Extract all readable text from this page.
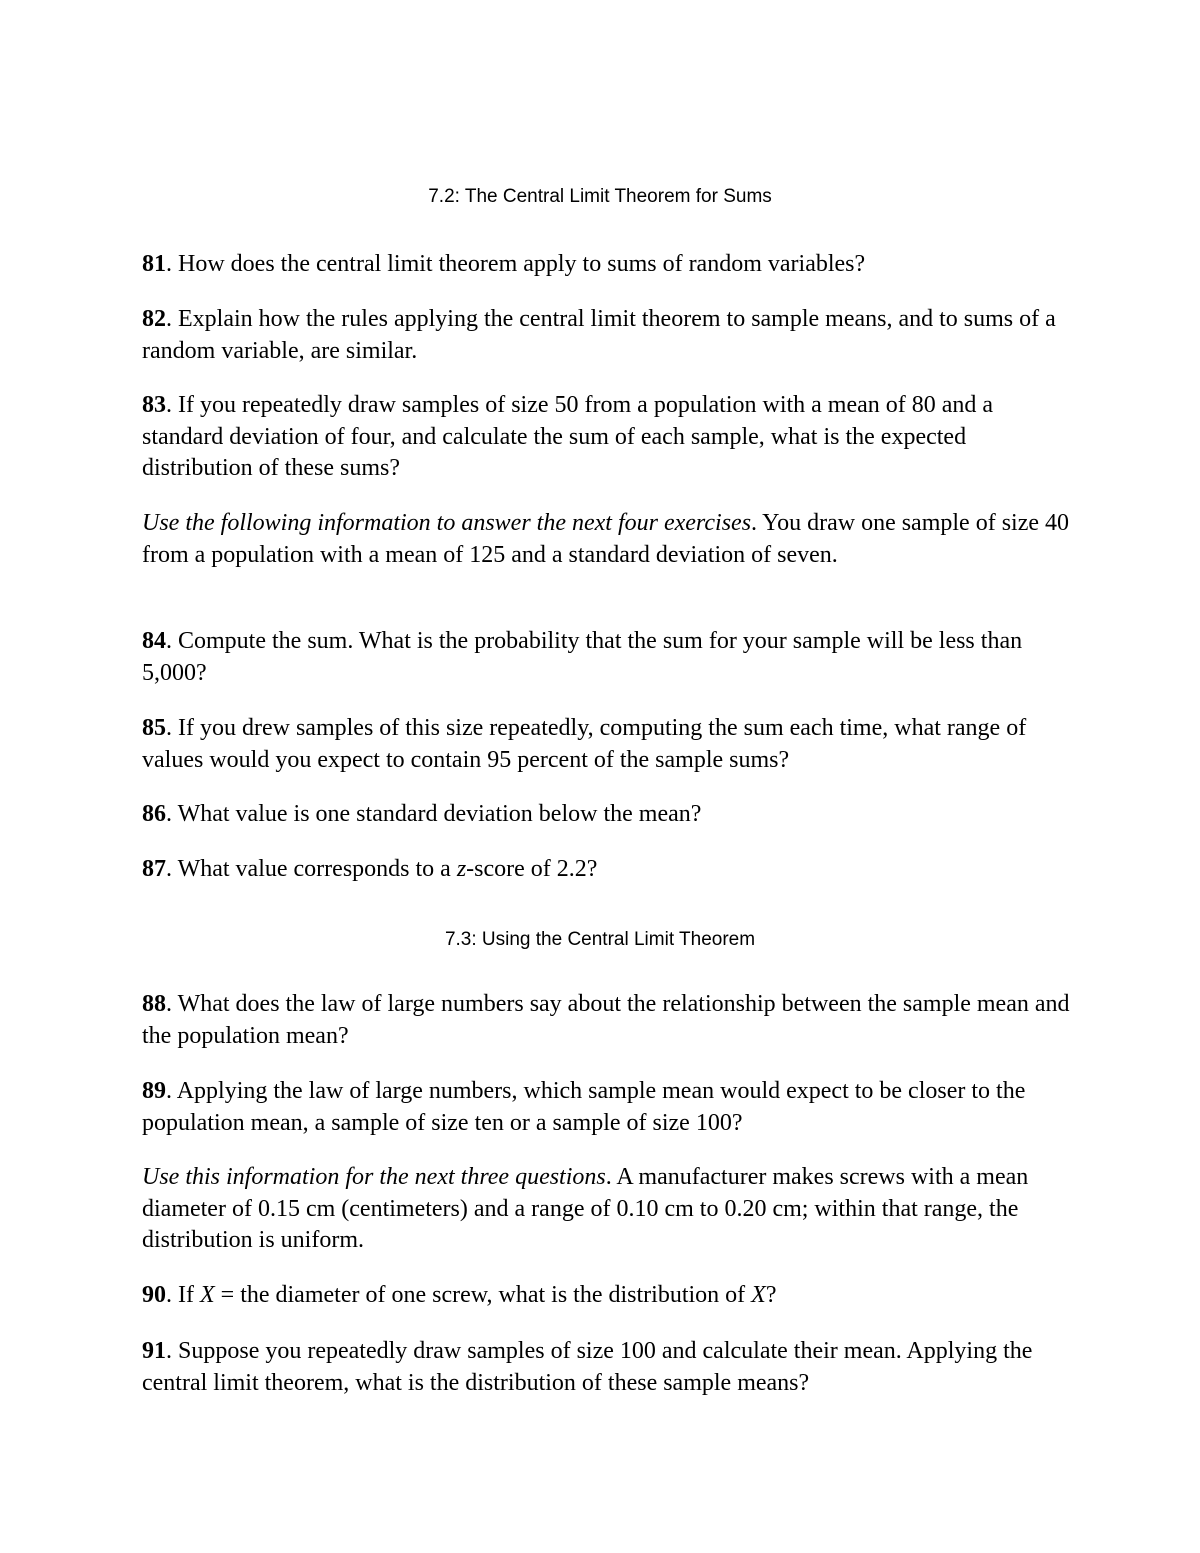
7.2: The Central Limit Theorem for Sums

81. How does the central limit theorem apply to sums of random variables?

82. Explain how the rules applying the central limit theorem to sample means, and to sums of a random variable, are similar.

83. If you repeatedly draw samples of size 50 from a population with a mean of 80 and a standard deviation of four, and calculate the sum of each sample, what is the expected distribution of these sums?

Use the following information to answer the next four exercises. You draw one sample of size 40 from a population with a mean of 125 and a standard deviation of seven.

84. Compute the sum. What is the probability that the sum for your sample will be less than 5,000?

85. If you drew samples of this size repeatedly, computing the sum each time, what range of values would you expect to contain 95 percent of the sample sums?

86. What value is one standard deviation below the mean?

87. What value corresponds to a z-score of 2.2?

7.3: Using the Central Limit Theorem

88. What does the law of large numbers say about the relationship between the sample mean and the population mean?

89. Applying the law of large numbers, which sample mean would expect to be closer to the population mean, a sample of size ten or a sample of size 100?

Use this information for the next three questions. A manufacturer makes screws with a mean diameter of 0.15 cm (centimeters) and a range of 0.10 cm to 0.20 cm; within that range, the distribution is uniform.

90. If X = the diameter of one screw, what is the distribution of X?

91. Suppose you repeatedly draw samples of size 100 and calculate their mean. Applying the central limit theorem, what is the distribution of these sample means?
